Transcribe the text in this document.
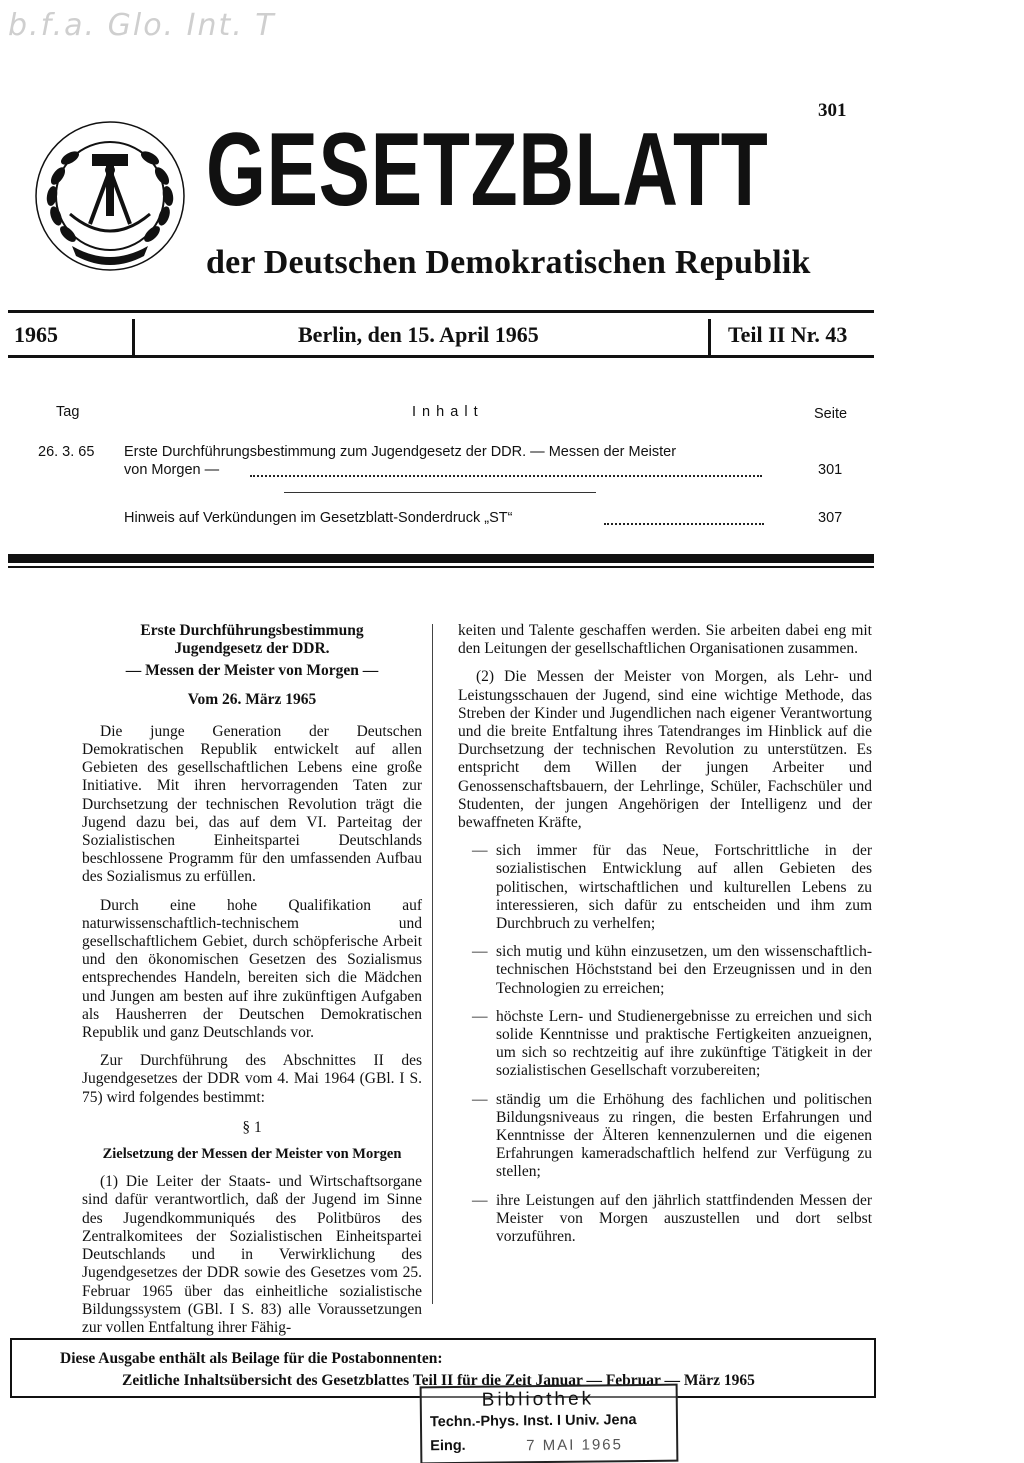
b.f.a. Glo. Int. T
301
GESETZBLATT
der Deutschen Demokratischen Republik
1965	Berlin, den 15. April 1965	Teil II Nr. 43
Tag	I n h a l t	Seite
26. 3. 65 Erste Durchführungsbestimmung zum Jugendgesetz der DDR. — Messen der Meister
von Morgen —	301
Hinweis auf Verkündungen im Gesetzblatt-Sonderdruck „ST“	307

Erste Durchführungsbestimmung

Jugendgesetz der DDR.

— Messen der Meister von Morgen —

Vom 26. März 1965

Die junge Generation der Deutschen Demokratischen Republik entwickelt auf allen Gebieten des gesellschaftlichen Lebens eine große Initiative. Mit ihren hervorragenden Taten zur Durchsetzung der technischen Revolution trägt die Jugend dazu bei, das auf dem VI. Parteitag der Sozialistischen Einheitspartei Deutschlands beschlossene Programm für den umfassenden Aufbau des Sozialismus zu erfüllen.

Durch eine hohe Qualifikation auf naturwissenschaftlich-technischem und gesellschaftlichem Gebiet, durch schöpferische Arbeit und den ökonomischen Gesetzen des Sozialismus entsprechendes Handeln, bereiten sich die Mädchen und Jungen am besten auf ihre zukünftigen Aufgaben als Hausherren der Deutschen Demokratischen Republik und ganz Deutschlands vor.

Zur Durchführung des Abschnittes II des Jugendgesetzes der DDR vom 4. Mai 1964 (GBl. I S. 75) wird folgendes bestimmt:

§ 1

Zielsetzung der Messen der Meister von Morgen

(1) Die Leiter der Staats- und Wirtschaftsorgane sind dafür verantwortlich, daß der Jugend im Sinne des Jugendkommuniqués des Politbüros des Zentralkomitees der Sozialistischen Einheitspartei Deutschlands und in Verwirklichung des Jugendgesetzes der DDR sowie des Gesetzes vom 25. Februar 1965 über das einheitliche sozialistische Bildungssystem (GBl. I S. 83) alle Voraussetzungen zur vollen Entfaltung ihrer Fähig-

keiten und Talente geschaffen werden. Sie arbeiten dabei eng mit den Leitungen der gesellschaftlichen Organisationen zusammen.

(2) Die Messen der Meister von Morgen, als Lehr- und Leistungsschauen der Jugend, sind eine wichtige Methode, das Streben der Kinder und Jugendlichen nach eigener Verantwortung und die breite Entfaltung ihres Tatendranges im Hinblick auf die Durchsetzung der technischen Revolution zu unterstützen. Es entspricht dem Willen der jungen Arbeiter und Genossenschaftsbauern, der Lehrlinge, Schüler, Fachschüler und Studenten, der jungen Angehörigen der Intelligenz und der bewaffneten Kräfte,

— sich immer für das Neue, Fortschrittliche in der sozialistischen Entwicklung auf allen Gebieten des politischen, wirtschaftlichen und kulturellen Lebens zu interessieren, sich dafür zu entscheiden und ihm zum Durchbruch zu verhelfen;
— sich mutig und kühn einzusetzen, um den wissenschaftlich-technischen Höchststand bei den Erzeugnissen und in den Technologien zu erreichen;
— höchste Lern- und Studienergebnisse zu erreichen und sich solide Kenntnisse und praktische Fertigkeiten anzueignen, um sich so rechtzeitig auf ihre zukünftige Tätigkeit in der sozialistischen Gesellschaft vorzubereiten;
— ständig um die Erhöhung des fachlichen und politischen Bildungsniveaus zu ringen, die besten Erfahrungen und Kenntnisse der Älteren kennenzulernen und die eigenen Erfahrungen kameradschaftlich helfend zur Verfügung zu stellen;
— ihre Leistungen auf den jährlich stattfindenden Messen der Meister von Morgen auszustellen und dort selbst vorzuführen.
Diese Ausgabe enthält als Beilage für die Postabonnenten:
Zeitliche Inhaltsübersicht des Gesetzblattes Teil II für die Zeit Januar — Februar — März 1965
Bibliothek
Techn.-Phys. Inst. I Univ. Jena
Eing.	7 MAI 1965
